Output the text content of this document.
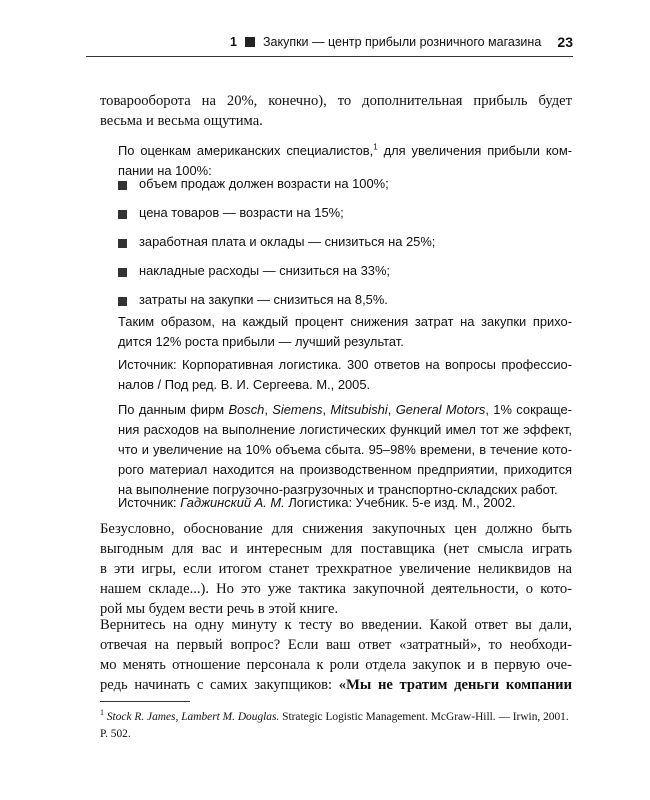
1 Закупки — центр прибыли розничного магазина	23
товарооборота на 20%, конечно), то дополнительная прибыль будет
весьма и весьма ощутима.
По оценкам американских специалистов,$^1$ для увеличения прибыли ком-
пании на 100%:
объем продаж должен возрасти на 100%;
цена товаров — возрасти на 15%;
заработная плата и оклады — снизиться на 25%;
накладные расходы — снизиться на 33%;
затраты на закупки — снизиться на 8,5%.
Таким образом, на каждый процент снижения затрат на закупки прихо-
дится 12% роста прибыли — лучший результат.
Источник: Корпоративная логистика. 300 ответов на вопросы профессио-
налов / Под ред. В. И. Сергеева. М., 2005.
По данным фирм Bosch, Siemens, Mitsubishi, General Motors, 1% сокраще-
ния расходов на выполнение логистических функций имел тот же эффект,
что и увеличение на 10% объема сбыта. 95–98% времени, в течение кото-
рого материал находится на производственном предприятии, приходится
на выполнение погрузочно-разгрузочных и транспортно-складских работ.
Источник: Гаджинский А. М. Логистика: Учебник. 5-е изд. М., 2002.
Безусловно, обоснование для снижения закупочных цен должно быть
выгодным для вас и интересным для поставщика (нет смысла играть
в эти игры, если итогом станет трехкратное увеличение неликвидов на
нашем складе...). Но это уже тактика закупочной деятельности, о кото-
рой мы будем вести речь в этой книге.
Вернитесь на одну минуту к тесту во введении. Какой ответ вы дали,
отвечая на первый вопрос? Если ваш ответ «затратный», то необходи-
мо менять отношение персонала к роли отдела закупок и в первую оче-
редь начинать с самих закупщиков: «Мы не тратим деньги компании
$^1$ Stock R. James, Lambert M. Douglas. Strategic Logistic Management. McGraw-Hill. — Irwin, 2001.
P. 502.
